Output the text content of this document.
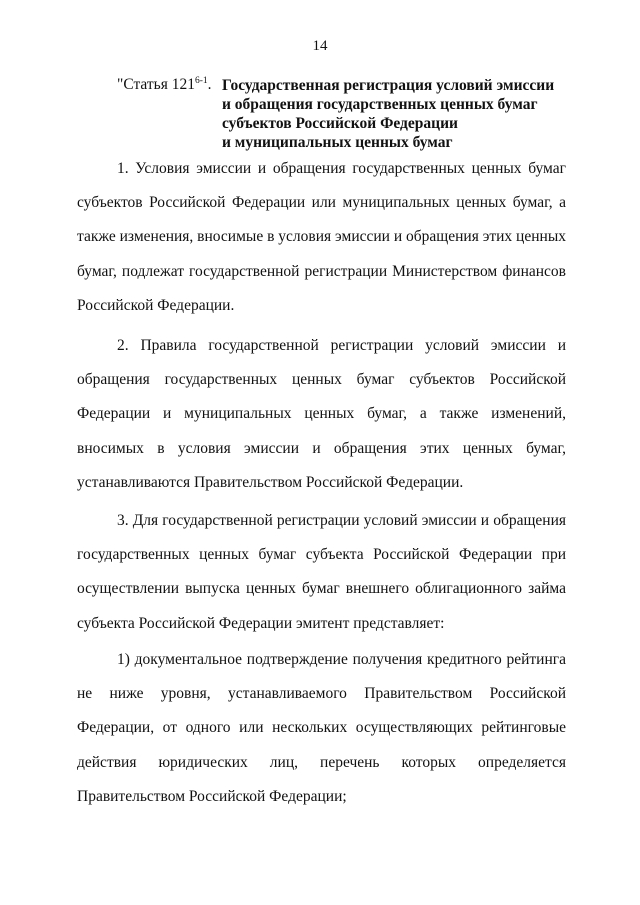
14
"Статья 121$^{6-1}$. Государственная регистрация условий эмиссии
и обращения государственных ценных бумаг
субъектов Российской Федерации
и муниципальных ценных бумаг

1. Условия эмиссии и обращения государственных ценных бумаг субъектов Российской Федерации или муниципальных ценных бумаг, а также изменения, вносимые в условия эмиссии и обращения этих ценных бумаг, подлежат государственной регистрации Министерством финансов Российской Федерации.

2. Правила государственной регистрации условий эмиссии и обращения государственных ценных бумаг субъектов Российской Федерации и муниципальных ценных бумаг, а также изменений, вносимых в условия эмиссии и обращения этих ценных бумаг, устанавливаются Правительством Российской Федерации.

3. Для государственной регистрации условий эмиссии и обращения государственных ценных бумаг субъекта Российской Федерации при осуществлении выпуска ценных бумаг внешнего облигационного займа субъекта Российской Федерации эмитент представляет:

1) документальное подтверждение получения кредитного рейтинга не ниже уровня, устанавливаемого Правительством Российской Федерации, от одного или нескольких осуществляющих рейтинговые действия юридических лиц, перечень которых определяется Правительством Российской Федерации;
